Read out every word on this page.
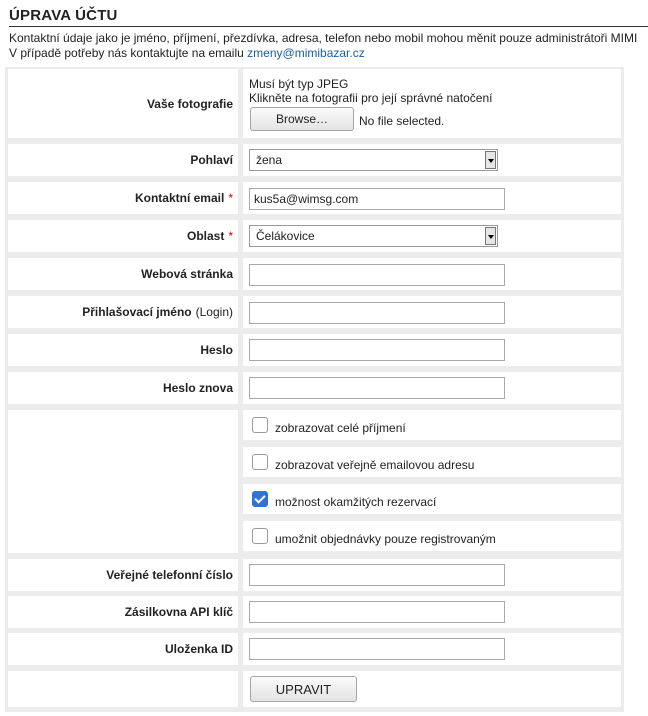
ÚPRAVA ÚČTU
Kontaktní údaje jako je jméno, příjmení, přezdívka, adresa, telefon nebo mobil mohou měnit pouze administrátoři MIMI
V případě potřeby nás kontaktujte na emailu zmeny@mimibazar.cz
Vaše fotografie
Musí být typ JPEG
Klikněte na fotografii pro její správné natočení
Browse…	No file selected.
Pohlaví	žena
Kontaktní email *	kus5a@wimsg.com
Oblast *	Čelákovice
Webová stránka
Přihlašovací jméno (Login)
Heslo
Heslo znova
zobrazovat celé příjmení
zobrazovat veřejně emailovou adresu
možnost okamžitých rezervací
umožnit objednávky pouze registrovaným
Veřejné telefonní číslo
Zásilkovna API klíč
Uloženka ID
UPRAVIT
